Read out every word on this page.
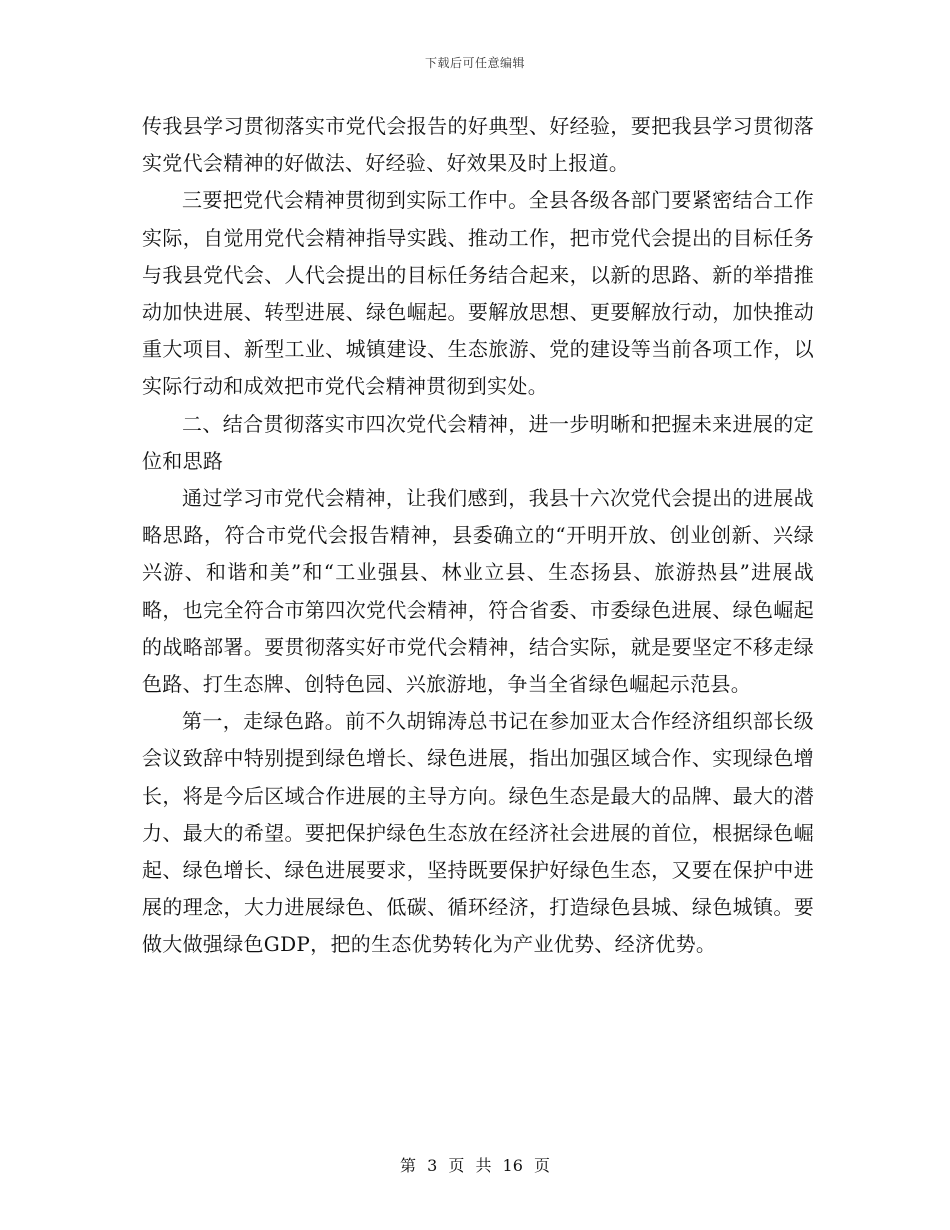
下载后可任意编辑

传我县学习贯彻落实市党代会报告的好典型、好经验，要把我县学习贯彻落实党代会精神的好做法、好经验、好效果及时上报道。

三要把党代会精神贯彻到实际工作中。全县各级各部门要紧密结合工作实际，自觉用党代会精神指导实践、推动工作，把市党代会提出的目标任务与我县党代会、人代会提出的目标任务结合起来，以新的思路、新的举措推动加快进展、转型进展、绿色崛起。要解放思想、更要解放行动，加快推动重大项目、新型工业、城镇建设、生态旅游、党的建设等当前各项工作，以实际行动和成效把市党代会精神贯彻到实处。

二、结合贯彻落实市四次党代会精神，进一步明晰和把握未来进展的定位和思路

通过学习市党代会精神，让我们感到，我县十六次党代会提出的进展战略思路，符合市党代会报告精神，县委确立的“开明开放、创业创新、兴绿兴游、和谐和美”和“工业强县、林业立县、生态扬县、旅游热县”进展战略，也完全符合市第四次党代会精神，符合省委、市委绿色进展、绿色崛起的战略部署。要贯彻落实好市党代会精神，结合实际，就是要坚定不移走绿色路、打生态牌、创特色园、兴旅游地，争当全省绿色崛起示范县。

第一，走绿色路。前不久胡锦涛总书记在参加亚太合作经济组织部长级会议致辞中特别提到绿色增长、绿色进展，指出加强区域合作、实现绿色增长，将是今后区域合作进展的主导方向。绿色生态是最大的品牌、最大的潜力、最大的希望。要把保护绿色生态放在经济社会进展的首位，根据绿色崛起、绿色增长、绿色进展要求，坚持既要保护好绿色生态，又要在保护中进展的理念，大力进展绿色、低碳、循环经济，打造绿色县城、绿色城镇。要做大做强绿色GDP，把的生态优势转化为产业优势、经济优势。

第 3 页 共 16 页
